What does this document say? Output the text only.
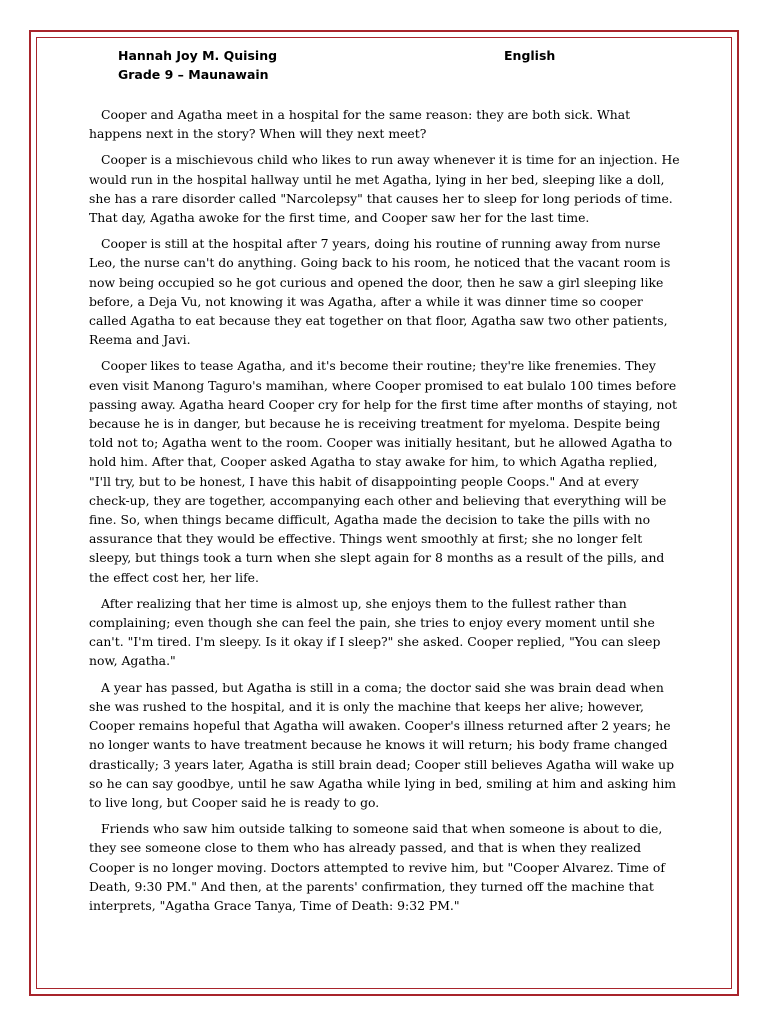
Hannah Joy M. Quising
Grade 9 – Maunawain
English

Cooper and Agatha meet in a hospital for the same reason: they are both sick. What happens next in the story? When will they next meet?

Cooper is a mischievous child who likes to run away whenever it is time for an injection. He would run in the hospital hallway until he met Agatha, lying in her bed, sleeping like a doll, she has a rare disorder called "Narcolepsy" that causes her to sleep for long periods of time. That day, Agatha awoke for the first time, and Cooper saw her for the last time.

Cooper is still at the hospital after 7 years, doing his routine of running away from nurse Leo, the nurse can't do anything. Going back to his room, he noticed that the vacant room is now being occupied so he got curious and opened the door, then he saw a girl sleeping like before, a Deja Vu, not knowing it was Agatha, after a while it was dinner time so cooper called Agatha to eat because they eat together on that floor, Agatha saw two other patients, Reema and Javi.

Cooper likes to tease Agatha, and it's become their routine; they're like frenemies. They even visit Manong Taguro's mamihan, where Cooper promised to eat bulalo 100 times before passing away. Agatha heard Cooper cry for help for the first time after months of staying, not because he is in danger, but because he is receiving treatment for myeloma. Despite being told not to; Agatha went to the room. Cooper was initially hesitant, but he allowed Agatha to hold him. After that, Cooper asked Agatha to stay awake for him, to which Agatha replied, "I'll try, but to be honest, I have this habit of disappointing people Coops." And at every check-up, they are together, accompanying each other and believing that everything will be fine. So, when things became difficult, Agatha made the decision to take the pills with no assurance that they would be effective. Things went smoothly at first; she no longer felt sleepy, but things took a turn when she slept again for 8 months as a result of the pills, and the effect cost her, her life.

After realizing that her time is almost up, she enjoys them to the fullest rather than complaining; even though she can feel the pain, she tries to enjoy every moment until she can't. "I'm tired. I'm sleepy. Is it okay if I sleep?" she asked. Cooper replied, "You can sleep now, Agatha."

A year has passed, but Agatha is still in a coma; the doctor said she was brain dead when she was rushed to the hospital, and it is only the machine that keeps her alive; however, Cooper remains hopeful that Agatha will awaken. Cooper's illness returned after 2 years; he no longer wants to have treatment because he knows it will return; his body frame changed drastically; 3 years later, Agatha is still brain dead; Cooper still believes Agatha will wake up so he can say goodbye, until he saw Agatha while lying in bed, smiling at him and asking him to live long, but Cooper said he is ready to go.

Friends who saw him outside talking to someone said that when someone is about to die, they see someone close to them who has already passed, and that is when they realized Cooper is no longer moving. Doctors attempted to revive him, but "Cooper Alvarez. Time of Death, 9:30 PM." And then, at the parents' confirmation, they turned off the machine that interprets, "Agatha Grace Tanya, Time of Death: 9:32 PM."
